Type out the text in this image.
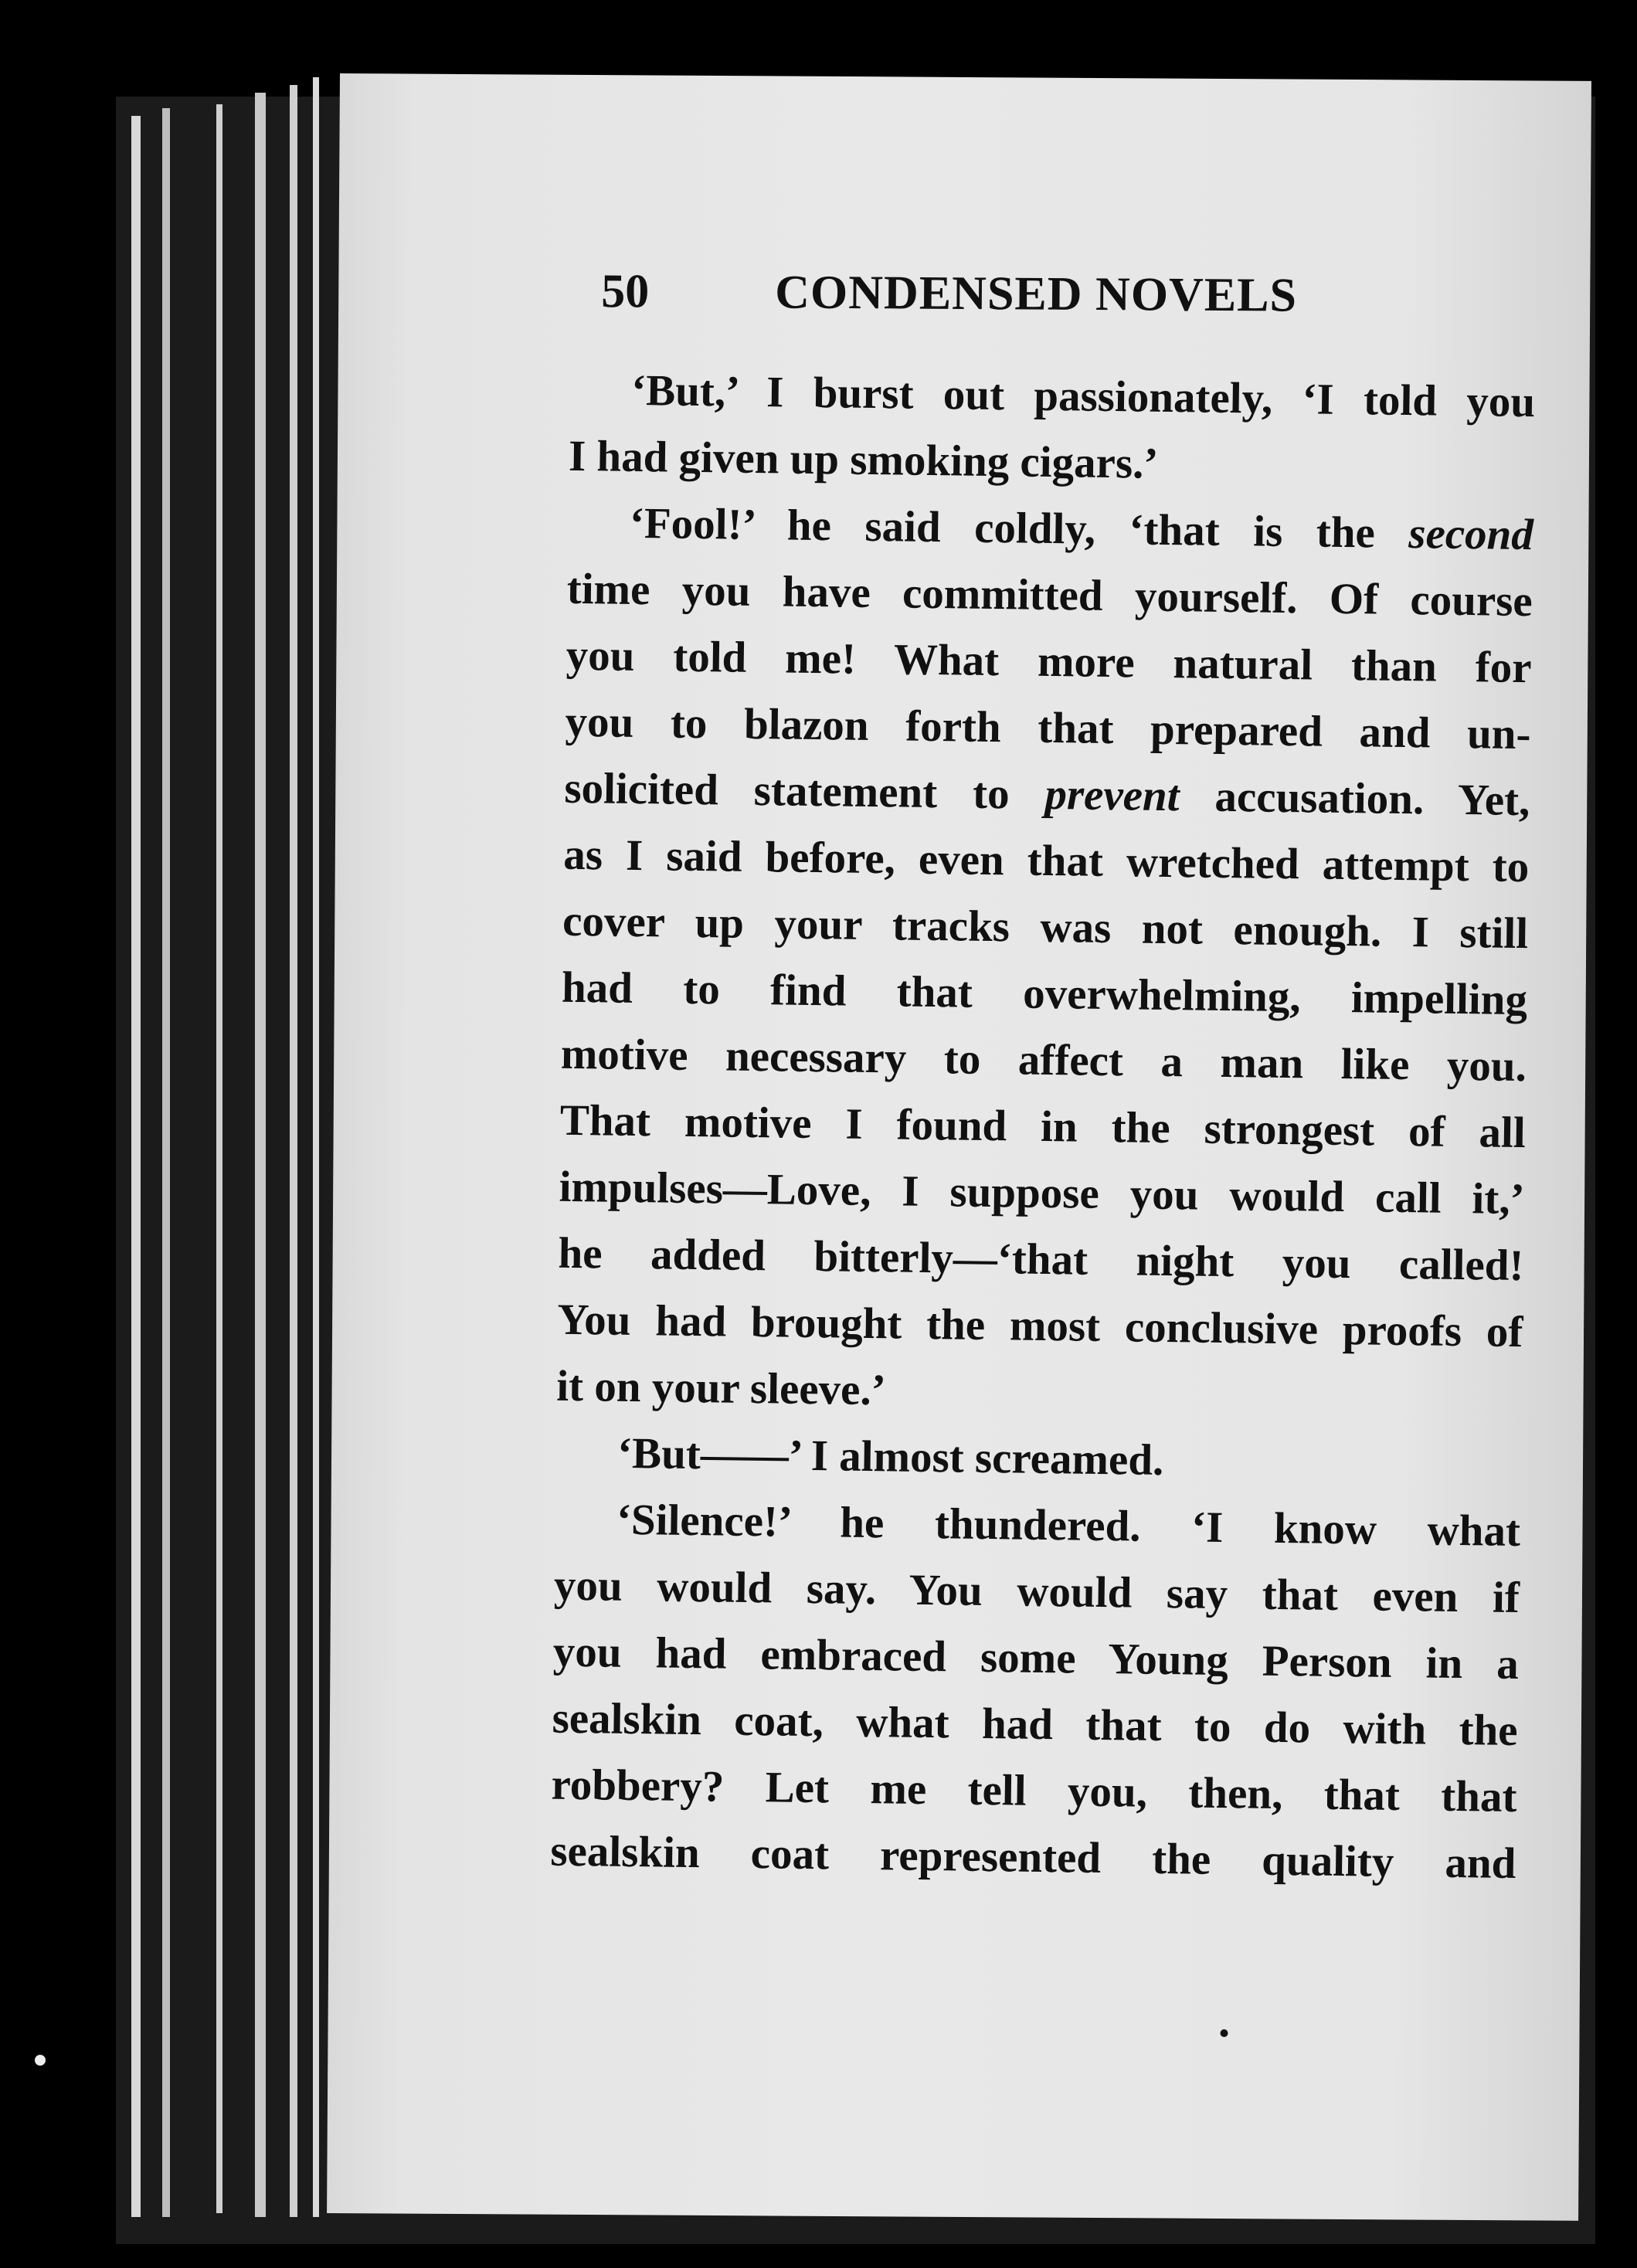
50	CONDENSED NOVELS

‘But,’ I burst out passionately, ‘I told you
I had given up smoking cigars.’

‘Fool!’ he said coldly, ‘that is the second
time you have committed yourself. Of course
you told me! What more natural than for
you to blazon forth that prepared and un-
solicited statement to prevent accusation. Yet,
as I said before, even that wretched attempt to
cover up your tracks was not enough. I still
had to find that overwhelming, impelling
motive necessary to affect a man like you.
That motive I found in the strongest of all
impulses—Love, I suppose you would call it,’
he added bitterly—‘that night you called!
You had brought the most conclusive proofs of
it on your sleeve.’

‘But——’ I almost screamed.

‘Silence!’ he thundered. ‘I know what
you would say. You would say that even if
you had embraced some Young Person in a
sealskin coat, what had that to do with the
robbery? Let me tell you, then, that that
sealskin coat represented the quality and
